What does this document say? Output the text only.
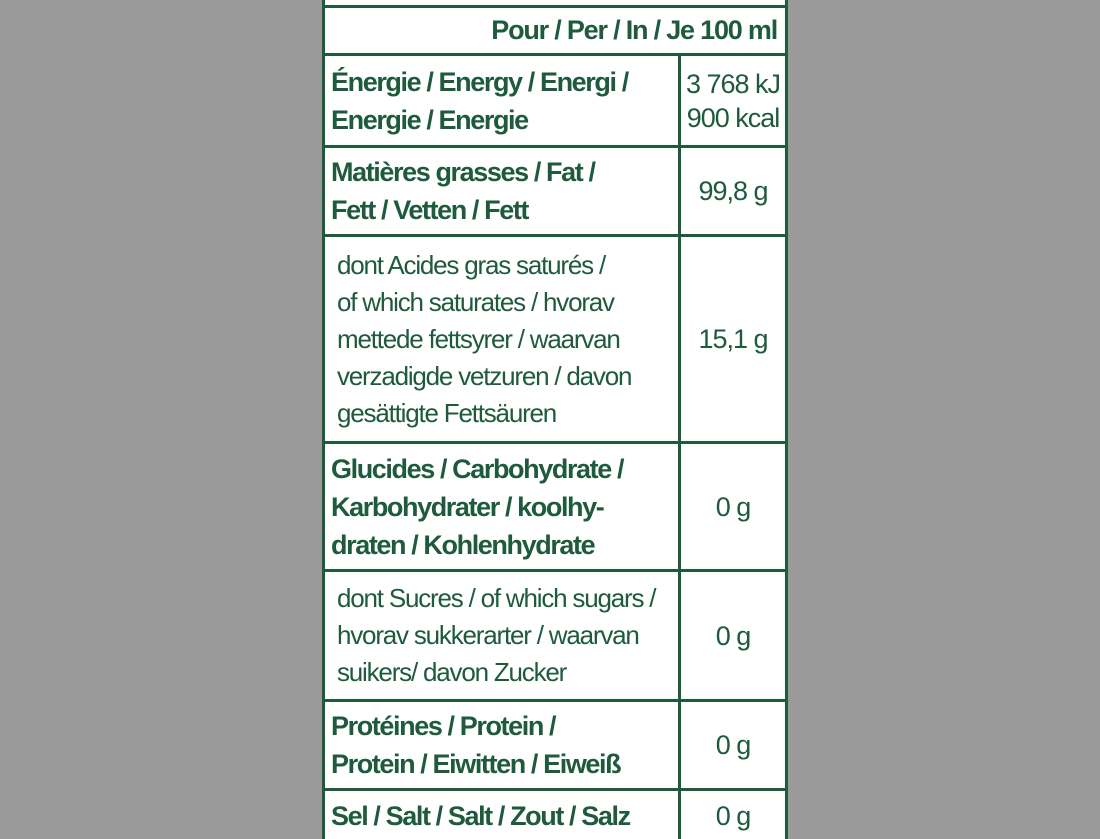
Pour / Per / In / Je 100 ml
Énergie / Energy / Energi /
Energie / Energie
3 768 kJ
900 kcal
Matières grasses / Fat /
Fett / Vetten / Fett
99,8 g
dont Acides gras saturés /
of which saturates / hvorav
mettede fettsyrer / waarvan
verzadigde vetzuren / davon
gesättigte Fettsäuren
15,1 g
Glucides / Carbohydrate /
Karbohydrater / koolhy-
draten / Kohlenhydrate
0 g
dont Sucres / of which sugars /
hvorav sukkerarter / waarvan
suikers/ davon Zucker
0 g
Protéines / Protein /
Protein / Eiwitten / Eiweiß
0 g
Sel / Salt / Salt / Zout / Salz	0 g
